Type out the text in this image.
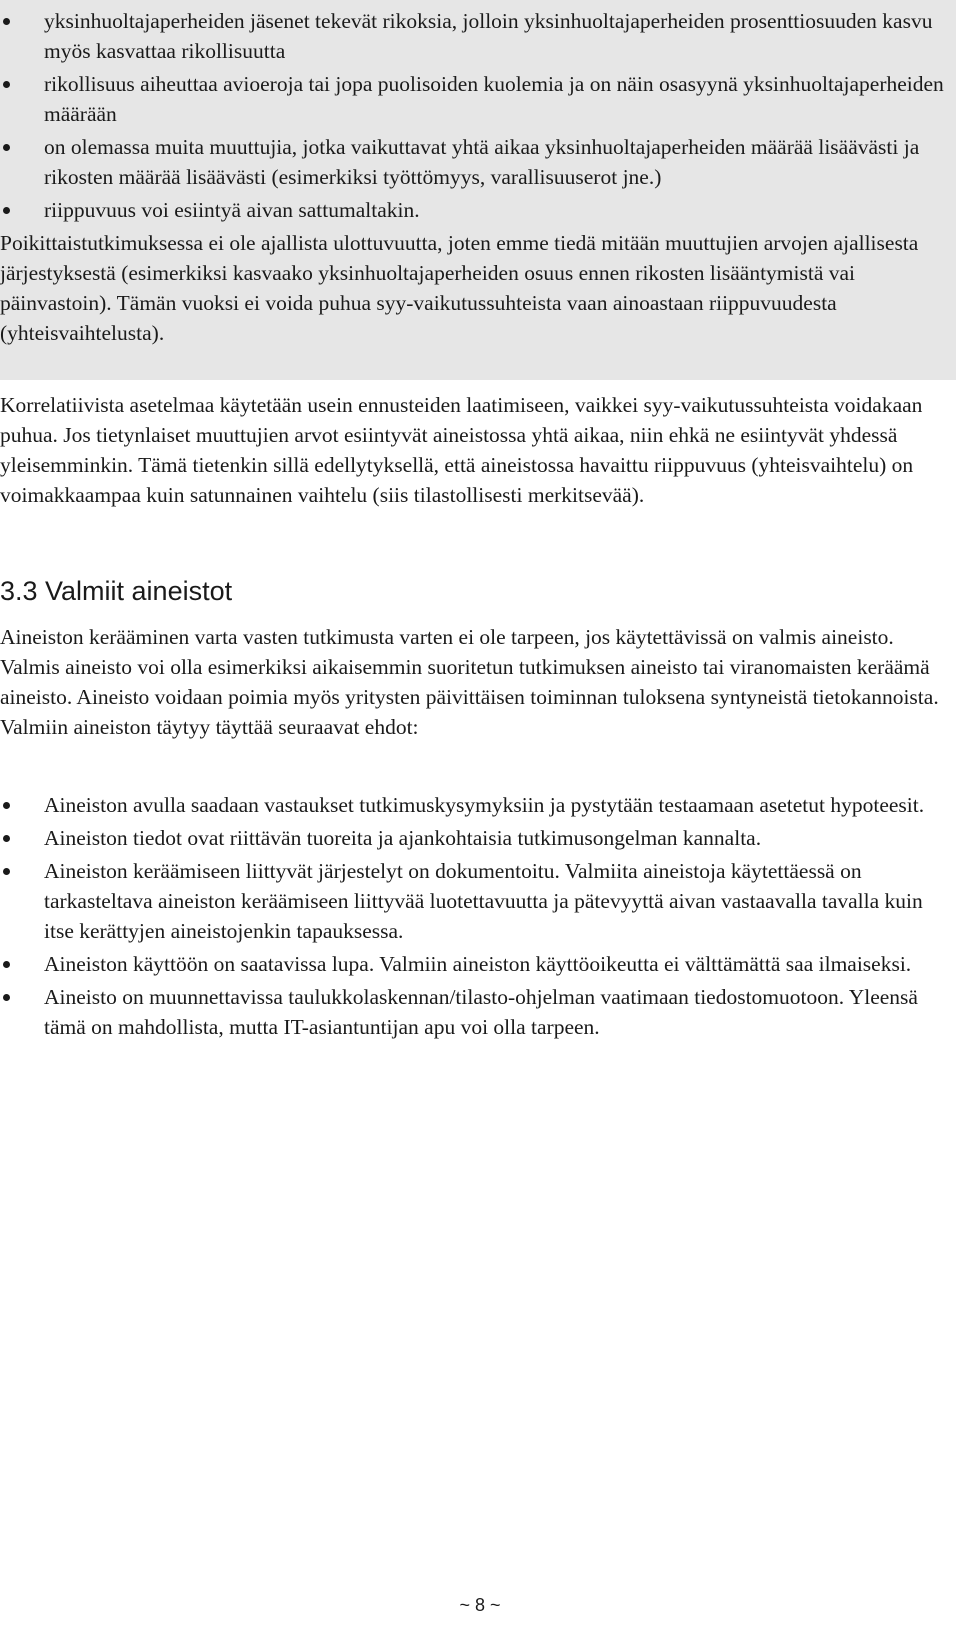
yksinhuoltajaperheiden jäsenet tekevät rikoksia, jolloin yksinhuoltajaperheiden prosenttiosuuden kasvu myös kasvattaa rikollisuutta
rikollisuus aiheuttaa avioeroja tai jopa puolisoiden kuolemia ja on näin osasyynä yksinhuoltajaperheiden määrään
on olemassa muita muuttujia, jotka vaikuttavat yhtä aikaa yksinhuoltajaperheiden määrää lisäävästi ja rikosten määrää lisäävästi (esimerkiksi työttömyys, varallisuuserot jne.)
riippuvuus voi esiintyä aivan sattumaltakin.

Poikittaistutkimuksessa ei ole ajallista ulottuvuutta, joten emme tiedä mitään muuttujien arvojen ajallisesta järjestyksestä (esimerkiksi kasvaako yksinhuoltajaperheiden osuus ennen rikosten lisääntymistä vai päinvastoin). Tämän vuoksi ei voida puhua syy-vaikutussuhteista vaan ainoastaan riippuvuudesta (yhteisvaihtelusta).

Korrelatiivista asetelmaa käytetään usein ennusteiden laatimiseen, vaikkei syy-vaikutussuhteista voidakaan puhua. Jos tietynlaiset muuttujien arvot esiintyvät aineistossa yhtä aikaa, niin ehkä ne esiintyvät yhdessä yleisemminkin. Tämä tietenkin sillä edellytyksellä, että aineistossa havaittu riippuvuus (yhteisvaihtelu) on voimakkaampaa kuin satunnainen vaihtelu (siis tilastollisesti merkitsevää).

3.3 Valmiit aineistot

Aineiston kerääminen varta vasten tutkimusta varten ei ole tarpeen, jos käytettävissä on valmis aineisto. Valmis aineisto voi olla esimerkiksi aikaisemmin suoritetun tutkimuksen aineisto tai viranomaisten keräämä aineisto. Aineisto voidaan poimia myös yritysten päivittäisen toiminnan tuloksena syntyneistä tietokannoista. Valmiin aineiston täytyy täyttää seuraavat ehdot:

Aineiston avulla saadaan vastaukset tutkimuskysymyksiin ja pystytään testaamaan asetetut hypoteesit.
Aineiston tiedot ovat riittävän tuoreita ja ajankohtaisia tutkimusongelman kannalta.
Aineiston keräämiseen liittyvät järjestelyt on dokumentoitu. Valmiita aineistoja käytettäessä on tarkasteltava aineiston keräämiseen liittyvää luotettavuutta ja pätevyyttä aivan vastaavalla tavalla kuin itse kerättyjen aineistojenkin tapauksessa.
Aineiston käyttöön on saatavissa lupa. Valmiin aineiston käyttöoikeutta ei välttämättä saa ilmaiseksi.
Aineisto on muunnettavissa taulukkolaskennan/tilasto-ohjelman vaatimaan tiedostomuotoon. Yleensä tämä on mahdollista, mutta IT-asiantuntijan apu voi olla tarpeen.
~ 8 ~
